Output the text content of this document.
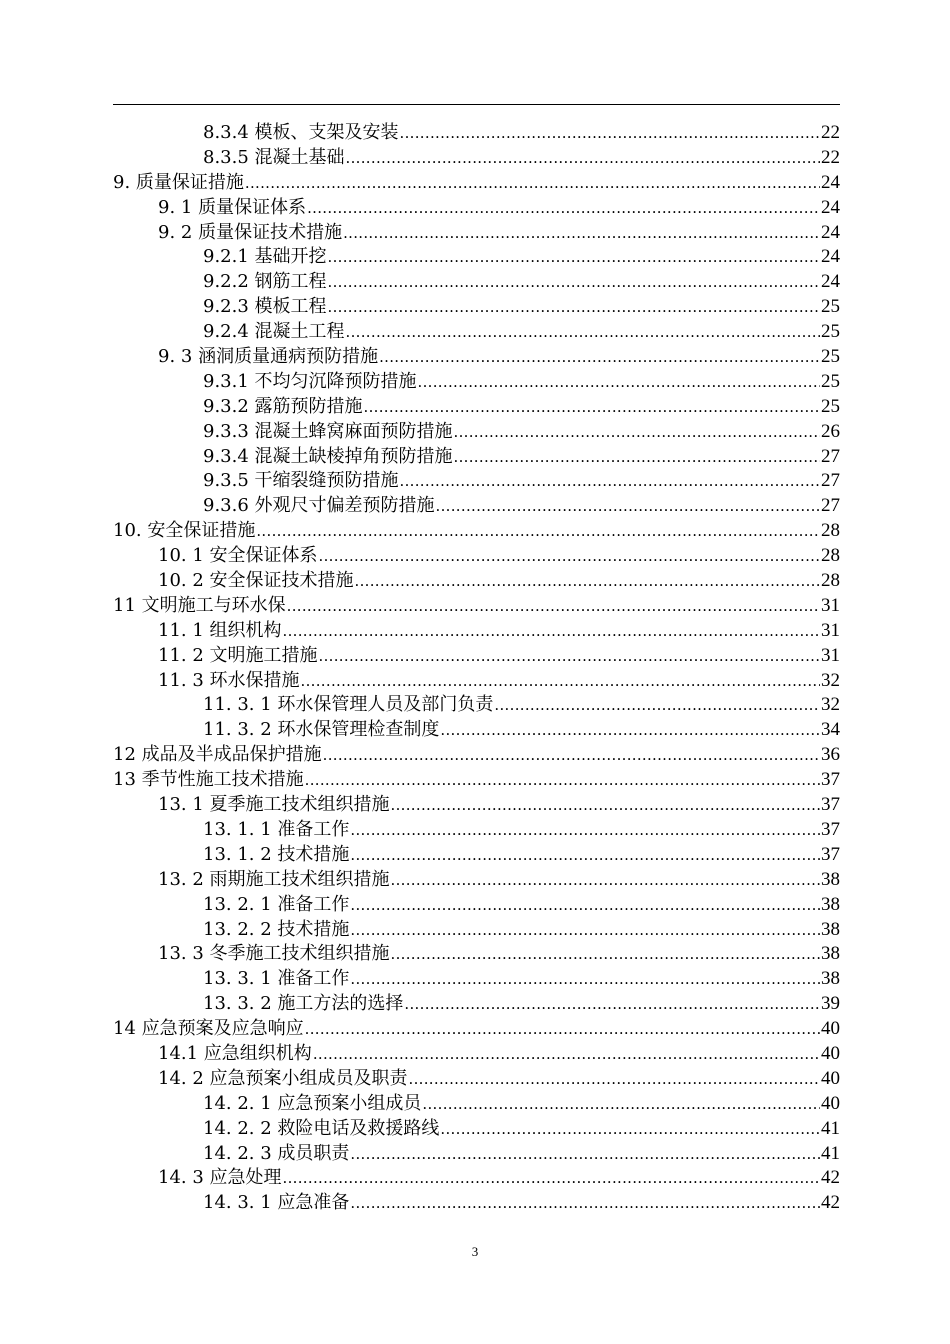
8.3.4 模板、支架及安装 .....	22
8.3.5 混凝土基础 .....	22
9. 质量保证措施 .....	24
9. 1 质量保证体系 .....	24
9. 2 质量保证技术措施 .....	24
9.2.1 基础开挖 .....	24
9.2.2 钢筋工程 .....	24
9.2.3 模板工程 .....	25
9.2.4 混凝土工程 .....	25
9. 3 涵洞质量通病预防措施 .....	25
9.3.1 不均匀沉降预防措施 .....	25
9.3.2 露筋预防措施 .....	25
9.3.3 混凝土蜂窝麻面预防措施 .....	26
9.3.4 混凝土缺棱掉角预防措施 .....	27
9.3.5 干缩裂缝预防措施 .....	27
9.3.6 外观尺寸偏差预防措施 .....	27
10. 安全保证措施 .....	28
10. 1 安全保证体系 .....	28
10. 2 安全保证技术措施 .....	28
11 文明施工与环水保 .....	31
11. 1 组织机构 .....	31
11. 2 文明施工措施 .....	31
11. 3 环水保措施 .....	32
11. 3. 1 环水保管理人员及部门负责 .....	32
11. 3. 2 环水保管理检查制度 .....	34
12 成品及半成品保护措施 .....	36
13 季节性施工技术措施 .....	37
13. 1 夏季施工技术组织措施 .....	37
13. 1. 1 准备工作 .....	37
13. 1. 2 技术措施 .....	37
13. 2 雨期施工技术组织措施 .....	38
13. 2. 1 准备工作 .....	38
13. 2. 2 技术措施 .....	38
13. 3 冬季施工技术组织措施 .....	38
13. 3. 1 准备工作 .....	38
13. 3. 2 施工方法的选择 .....	39
14 应急预案及应急响应 .....	40
14.1 应急组织机构 .....	40
14. 2 应急预案小组成员及职责 .....	40
14. 2. 1 应急预案小组成员 .....	40
14. 2. 2 救险电话及救援路线 .....	41
14. 2. 3 成员职责 .....	41
14. 3 应急处理 .....	42
14. 3. 1 应急准备 .....	42
3
